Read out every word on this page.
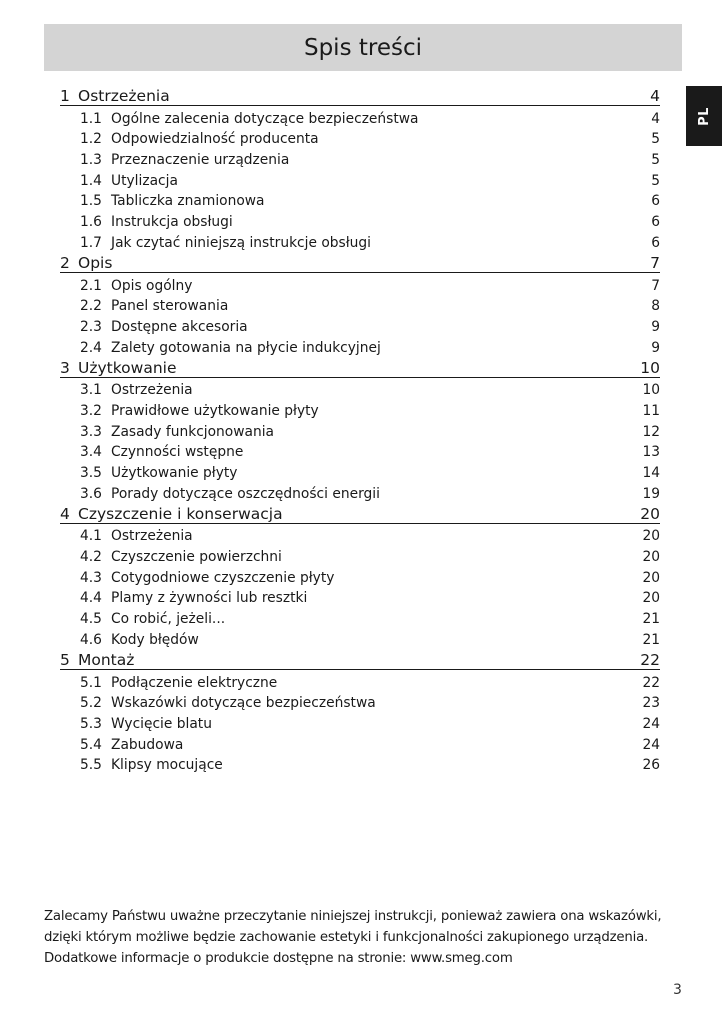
Spis treści
PL
1 Ostrzeżenia	4
1.1 Ogólne zalecenia dotyczące bezpieczeństwa	4
1.2 Odpowiedzialność producenta	5
1.3 Przeznaczenie urządzenia	5
1.4 Utylizacja	5
1.5 Tabliczka znamionowa	6
1.6 Instrukcja obsługi	6
1.7 Jak czytać niniejszą instrukcje obsługi	6
2 Opis	7
2.1 Opis ogólny	7
2.2 Panel sterowania	8
2.3 Dostępne akcesoria	9
2.4 Zalety gotowania na płycie indukcyjnej	9
3 Użytkowanie	10
3.1 Ostrzeżenia	10
3.2 Prawidłowe użytkowanie płyty	11
3.3 Zasady funkcjonowania	12
3.4 Czynności wstępne	13
3.5 Użytkowanie płyty	14
3.6 Porady dotyczące oszczędności energii	19
4 Czyszczenie i konserwacja	20
4.1 Ostrzeżenia	20
4.2 Czyszczenie powierzchni	20
4.3 Cotygodniowe czyszczenie płyty	20
4.4 Plamy z żywności lub resztki	20
4.5 Co robić, jeżeli...	21
4.6 Kody błędów	21
5 Montaż	22
5.1 Podłączenie elektryczne	22
5.2 Wskazówki dotyczące bezpieczeństwa	23
5.3 Wycięcie blatu	24
5.4 Zabudowa	24
5.5 Klipsy mocujące	26

Zalecamy Państwu uważne przeczytanie niniejszej instrukcji, ponieważ zawiera ona wskazówki,

dzięki którym możliwe będzie zachowanie estetyki i funkcjonalności zakupionego urządzenia.

Dodatkowe informacje o produkcie dostępne na stronie: www.smeg.com

3
